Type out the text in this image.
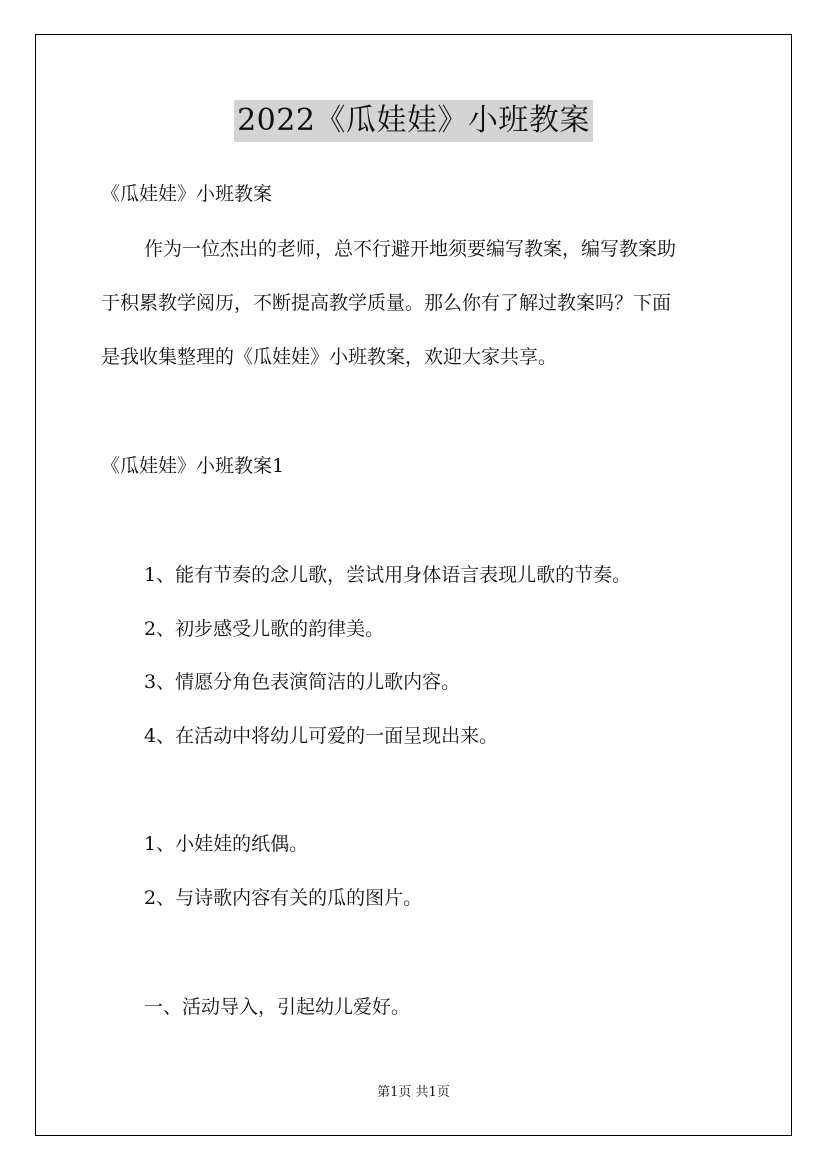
2022《瓜娃娃》小班教案
《瓜娃娃》小班教案
作为一位杰出的老师，总不行避开地须要编写教案，编写教案助
于积累教学阅历，不断提高教学质量。那么你有了解过教案吗？下面
是我收集整理的《瓜娃娃》小班教案，欢迎大家共享。
《瓜娃娃》小班教案1
1、能有节奏的念儿歌，尝试用身体语言表现儿歌的节奏。
2、初步感受儿歌的韵律美。
3、情愿分角色表演简洁的儿歌内容。
4、在活动中将幼儿可爱的一面呈现出来。
1、小娃娃的纸偶。
2、与诗歌内容有关的瓜的图片。
一、活动导入，引起幼儿爱好。
第1页 共1页
